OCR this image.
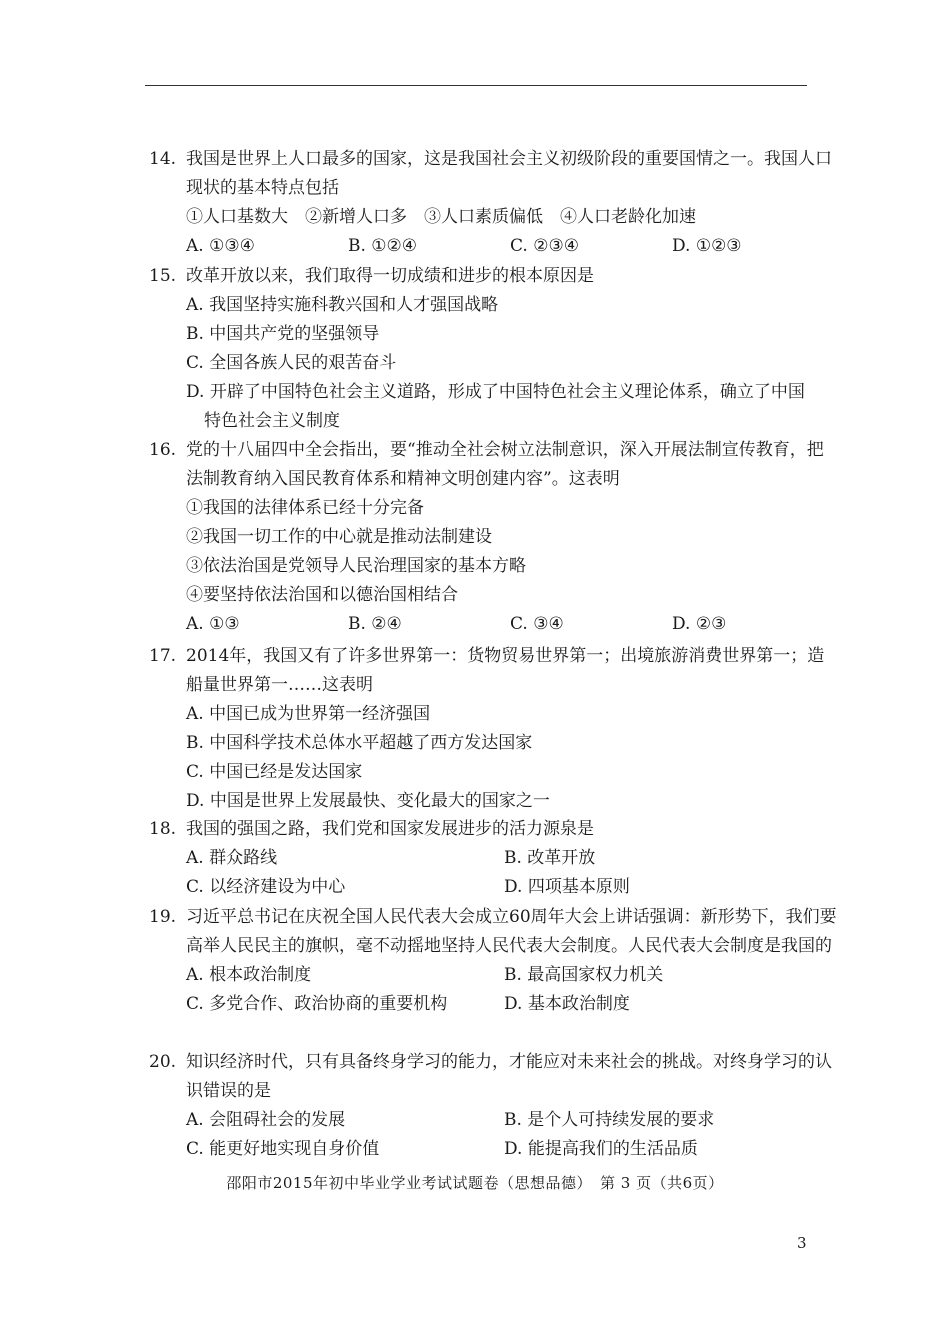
14. 我国是世界上人口最多的国家，这是我国社会主义初级阶段的重要国情之一。我国人口现状的基本特点包括
①人口基数大　②新增人口多　③人口素质偏低　④人口老龄化加速
A. ①③④	B. ①②④	C. ②③④	D. ①②③
15. 改革开放以来，我们取得一切成绩和进步的根本原因是
A. 我国坚持实施科教兴国和人才强国战略
B. 中国共产党的坚强领导
C. 全国各族人民的艰苦奋斗
D. 开辟了中国特色社会主义道路，形成了中国特色社会主义理论体系，确立了中国
特色社会主义制度
16. 党的十八届四中全会指出，要“推动全社会树立法制意识，深入开展法制宣传教育，把法制教育纳入国民教育体系和精神文明创建内容”。这表明
①我国的法律体系已经十分完备
②我国一切工作的中心就是推动法制建设
③依法治国是党领导人民治理国家的基本方略
④要坚持依法治国和以德治国相结合
A. ①③	B. ②④	C. ③④	D. ②③
17. 2014年，我国又有了许多世界第一：货物贸易世界第一；出境旅游消费世界第一；造船量世界第一……这表明
A. 中国已成为世界第一经济强国
B. 中国科学技术总体水平超越了西方发达国家
C. 中国已经是发达国家
D. 中国是世界上发展最快、变化最大的国家之一
18. 我国的强国之路，我们党和国家发展进步的活力源泉是
A. 群众路线	B. 改革开放
C. 以经济建设为中心	D. 四项基本原则
19. 习近平总书记在庆祝全国人民代表大会成立60周年大会上讲话强调：新形势下，我们要高举人民民主的旗帜，毫不动摇地坚持人民代表大会制度。人民代表大会制度是我国的
A. 根本政治制度	B. 最高国家权力机关
C. 多党合作、政治协商的重要机构	D. 基本政治制度
20. 知识经济时代，只有具备终身学习的能力，才能应对未来社会的挑战。对终身学习的认识错误的是
A. 会阻碍社会的发展	B. 是个人可持续发展的要求
C. 能更好地实现自身价值	D. 能提高我们的生活品质
邵阳市2015年初中毕业学业考试试题卷（思想品德）　第 3 页（共6页）
3
